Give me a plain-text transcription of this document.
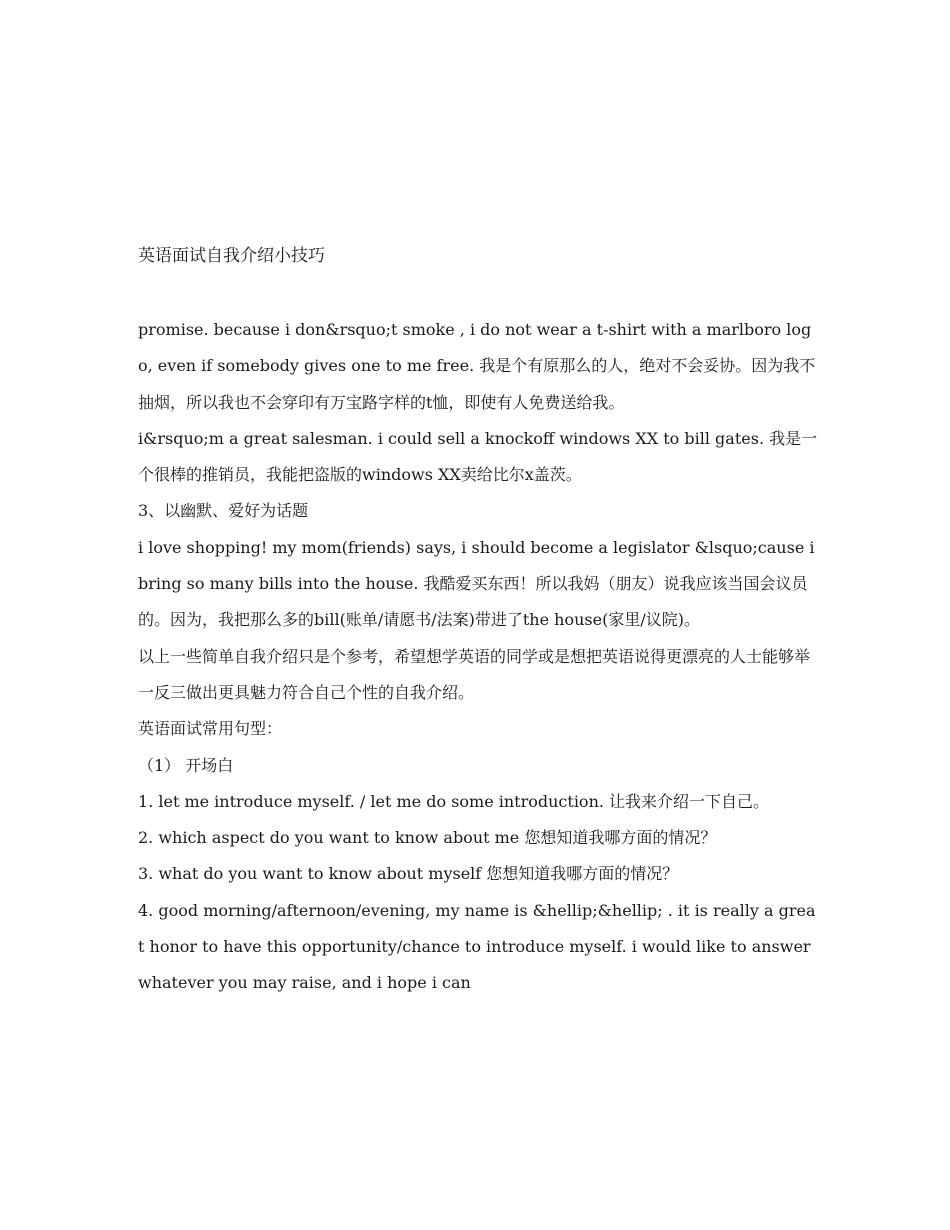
英语面试自我介绍小技巧

promise. because i don&rsquo;t smoke , i do not wear a t-shirt with a marlboro logo, even if somebody gives one to me free. 我是个有原那么的人，绝对不会妥协。因为我不抽烟，所以我也不会穿印有万宝路字样的t恤，即使有人免费送给我。

i&rsquo;m a great salesman. i could sell a knockoff windows XX to bill gates. 我是一个很棒的推销员，我能把盗版的windows XX卖给比尔x盖茨。

3、以幽默、爱好为话题

i love shopping! my mom(friends) says, i should become a legislator &lsquo;cause i bring so many bills into the house. 我酷爱买东西！所以我妈（朋友）说我应该当国会议员的。因为，我把那么多的bill(账单/请愿书/法案)带进了the house(家里/议院)。

以上一些简单自我介绍只是个参考，希望想学英语的同学或是想把英语说得更漂亮的人士能够举一反三做出更具魅力符合自己个性的自我介绍。

英语面试常用句型：

（1） 开场白

1. let me introduce myself. / let me do some introduction. 让我来介绍一下自己。

2. which aspect do you want to know about me 您想知道我哪方面的情况？

3. what do you want to know about myself 您想知道我哪方面的情况？

4. good morning/afternoon/evening, my name is &hellip;&hellip; . it is really a great honor to have this opportunity/chance to introduce myself. i would like to answer whatever you may raise, and i hope i can
